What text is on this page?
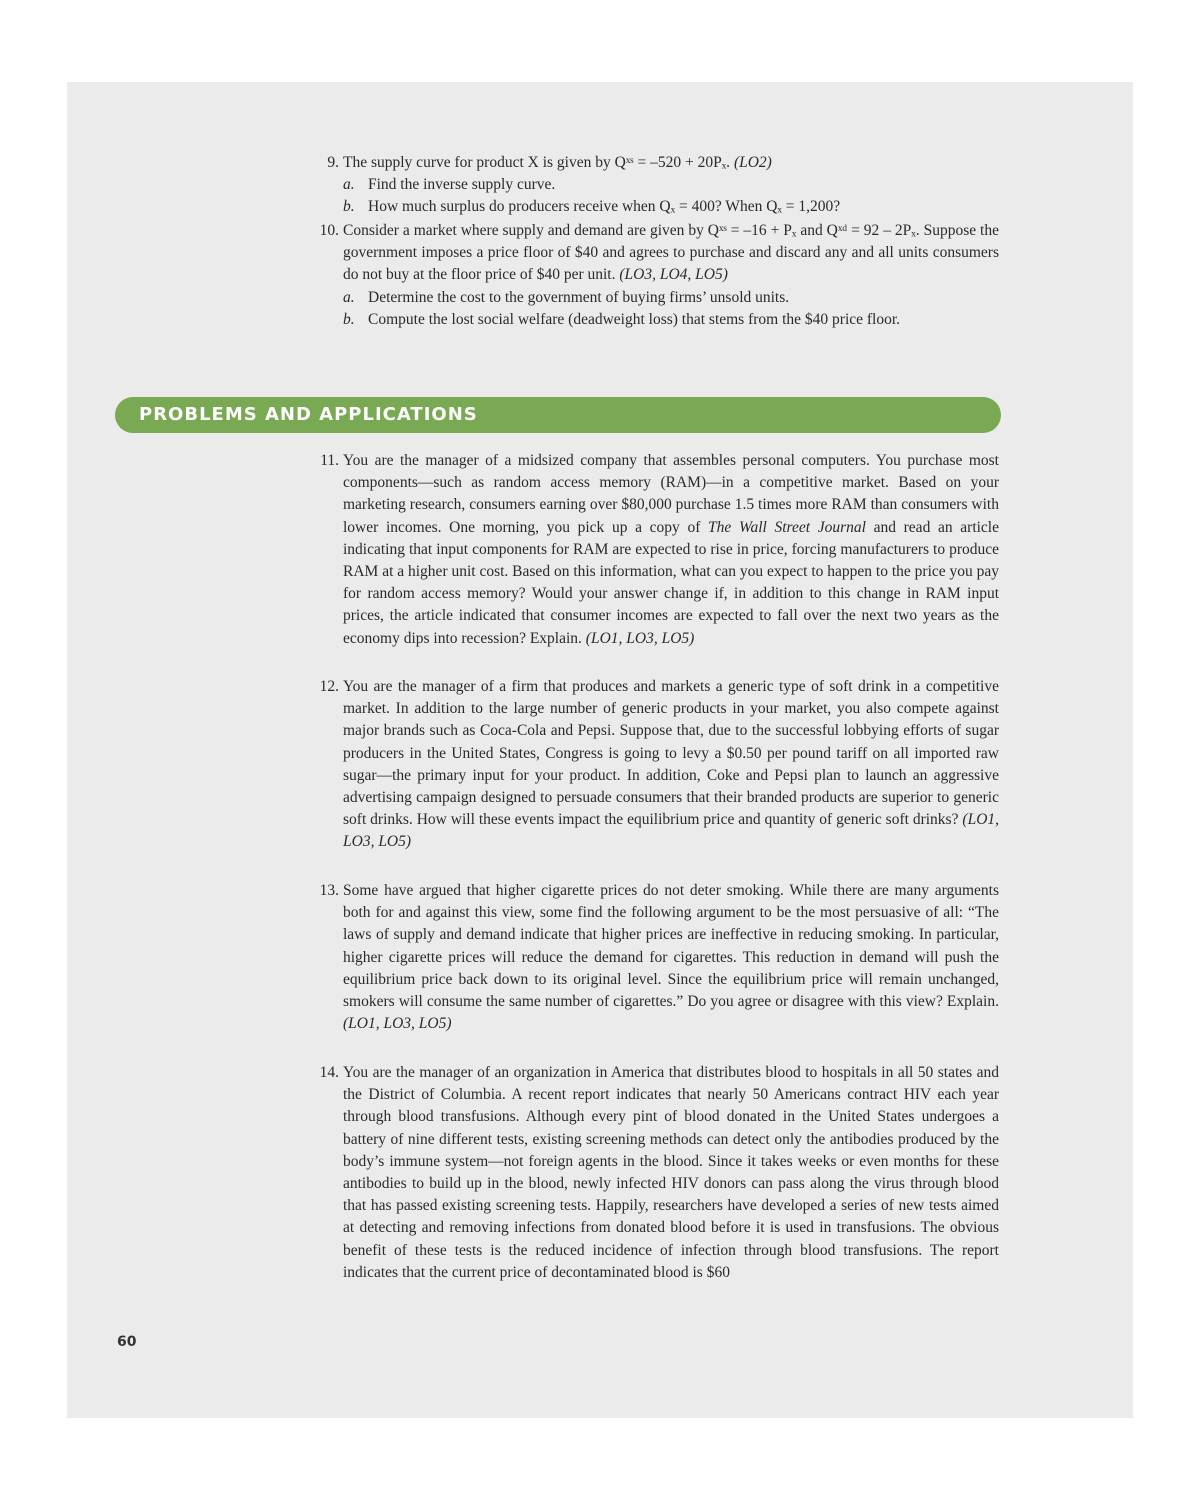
9. The supply curve for product X is given by Qˣˢ = –520 + 20Pₓ. (LO2)
a. Find the inverse supply curve.
b. How much surplus do producers receive when Qₓ = 400? When Qₓ = 1,200?
10. Consider a market where supply and demand are given by Qˣˢ = –16 + Pₓ and Qˣᵈ = 92 – 2Pₓ. Suppose the government imposes a price floor of $40 and agrees to purchase and discard any and all units consumers do not buy at the floor price of $40 per unit. (LO3, LO4, LO5)
a. Determine the cost to the government of buying firms’ unsold units.
b. Compute the lost social welfare (deadweight loss) that stems from the $40 price floor.
PROBLEMS AND APPLICATIONS
11. You are the manager of a midsized company that assembles personal computers. You purchase most components—such as random access memory (RAM)—in a competitive market. Based on your marketing research, consumers earning over $80,000 purchase 1.5 times more RAM than consumers with lower incomes. One morning, you pick up a copy of The Wall Street Journal and read an article indicating that input components for RAM are expected to rise in price, forcing manufacturers to produce RAM at a higher unit cost. Based on this information, what can you expect to happen to the price you pay for random access memory? Would your answer change if, in addition to this change in RAM input prices, the article indicated that consumer incomes are expected to fall over the next two years as the economy dips into recession? Explain. (LO1, LO3, LO5)
12. You are the manager of a firm that produces and markets a generic type of soft drink in a competitive market. In addition to the large number of generic products in your market, you also compete against major brands such as Coca-Cola and Pepsi. Suppose that, due to the successful lobbying efforts of sugar producers in the United States, Congress is going to levy a $0.50 per pound tariff on all imported raw sugar—the primary input for your product. In addition, Coke and Pepsi plan to launch an aggressive advertising campaign designed to persuade consumers that their branded products are superior to generic soft drinks. How will these events impact the equilibrium price and quantity of generic soft drinks? (LO1, LO3, LO5)
13. Some have argued that higher cigarette prices do not deter smoking. While there are many arguments both for and against this view, some find the following argument to be the most persuasive of all: “The laws of supply and demand indicate that higher prices are ineffective in reducing smoking. In particular, higher cigarette prices will reduce the demand for cigarettes. This reduction in demand will push the equilibrium price back down to its original level. Since the equilibrium price will remain unchanged, smokers will consume the same number of cigarettes.” Do you agree or disagree with this view? Explain. (LO1, LO3, LO5)
14. You are the manager of an organization in America that distributes blood to hospitals in all 50 states and the District of Columbia. A recent report indicates that nearly 50 Americans contract HIV each year through blood transfusions. Although every pint of blood donated in the United States undergoes a battery of nine different tests, existing screening methods can detect only the antibodies produced by the body’s immune system—not foreign agents in the blood. Since it takes weeks or even months for these antibodies to build up in the blood, newly infected HIV donors can pass along the virus through blood that has passed existing screening tests. Happily, researchers have developed a series of new tests aimed at detecting and removing infections from donated blood before it is used in transfusions. The obvious benefit of these tests is the reduced incidence of infection through blood transfusions. The report indicates that the current price of decontaminated blood is $60
60
